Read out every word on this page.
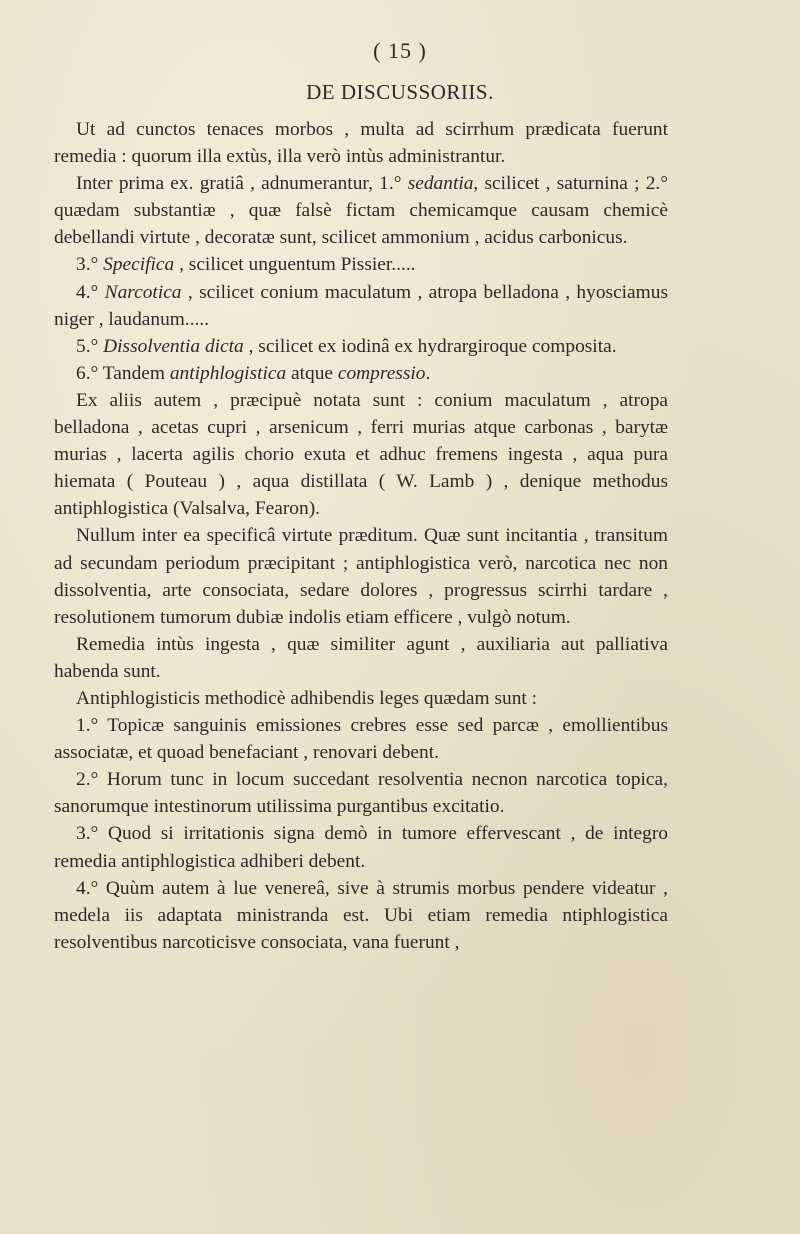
( 15 )
DE DISCUSSORIIS.

Ut ad cunctos tenaces morbos , multa ad scirrhum prædicata fuerunt remedia : quorum illa extùs, illa verò intùs administrantur.

Inter prima ex. gratiâ , adnumerantur, 1.° sedantia, scilicet , saturnina ; 2.° quædam substantiæ , quæ falsè fictam chemicamque causam chemicè debellandi virtute , decoratæ sunt, scilicet ammonium , acidus carbonicus.

3.° Specifica , scilicet unguentum Pissier.....

4.° Narcotica , scilicet conium maculatum , atropa belladona , hyosciamus niger , laudanum.....

5.° Dissolventia dicta , scilicet ex iodinâ ex hydrargiroque composita.

6.° Tandem antiphlogistica atque compressio.

Ex aliis autem , præcipuè notata sunt : conium maculatum , atropa belladona , acetas cupri , arsenicum , ferri murias atque carbonas , barytæ murias , lacerta agilis chorio exuta et adhuc fremens ingesta , aqua pura hiemata ( Pouteau ) , aqua distillata ( W. Lamb ) , denique methodus antiphlogistica (Valsalva, Fearon).

Nullum inter ea specificâ virtute præditum. Quæ sunt incitantia , transitum ad secundam periodum præcipitant ; antiphlogistica verò, narcotica nec non dissolventia, arte consociata, sedare dolores , progressus scirrhi tardare , resolutionem tumorum dubiæ indolis etiam efficere , vulgò notum.

Remedia intùs ingesta , quæ similiter agunt , auxiliaria aut palliativa habenda sunt.

Antiphlogisticis methodicè adhibendis leges quædam sunt :

1.° Topicæ sanguinis emissiones crebres esse sed parcæ , emollientibus associatæ, et quoad benefaciant , renovari debent.

2.° Horum tunc in locum succedant resolventia necnon narcotica topica, sanorumque intestinorum utilissima purgantibus excitatio.

3.° Quod si irritationis signa demò in tumore effervescant , de integro remedia antiphlogistica adhiberi debent.

4.° Quùm autem à lue venereâ, sive à strumis morbus pendere videatur , medela iis adaptata ministranda est. Ubi etiam remedia ntiphlogistica resolventibus narcoticisve consociata, vana fuerunt ,
